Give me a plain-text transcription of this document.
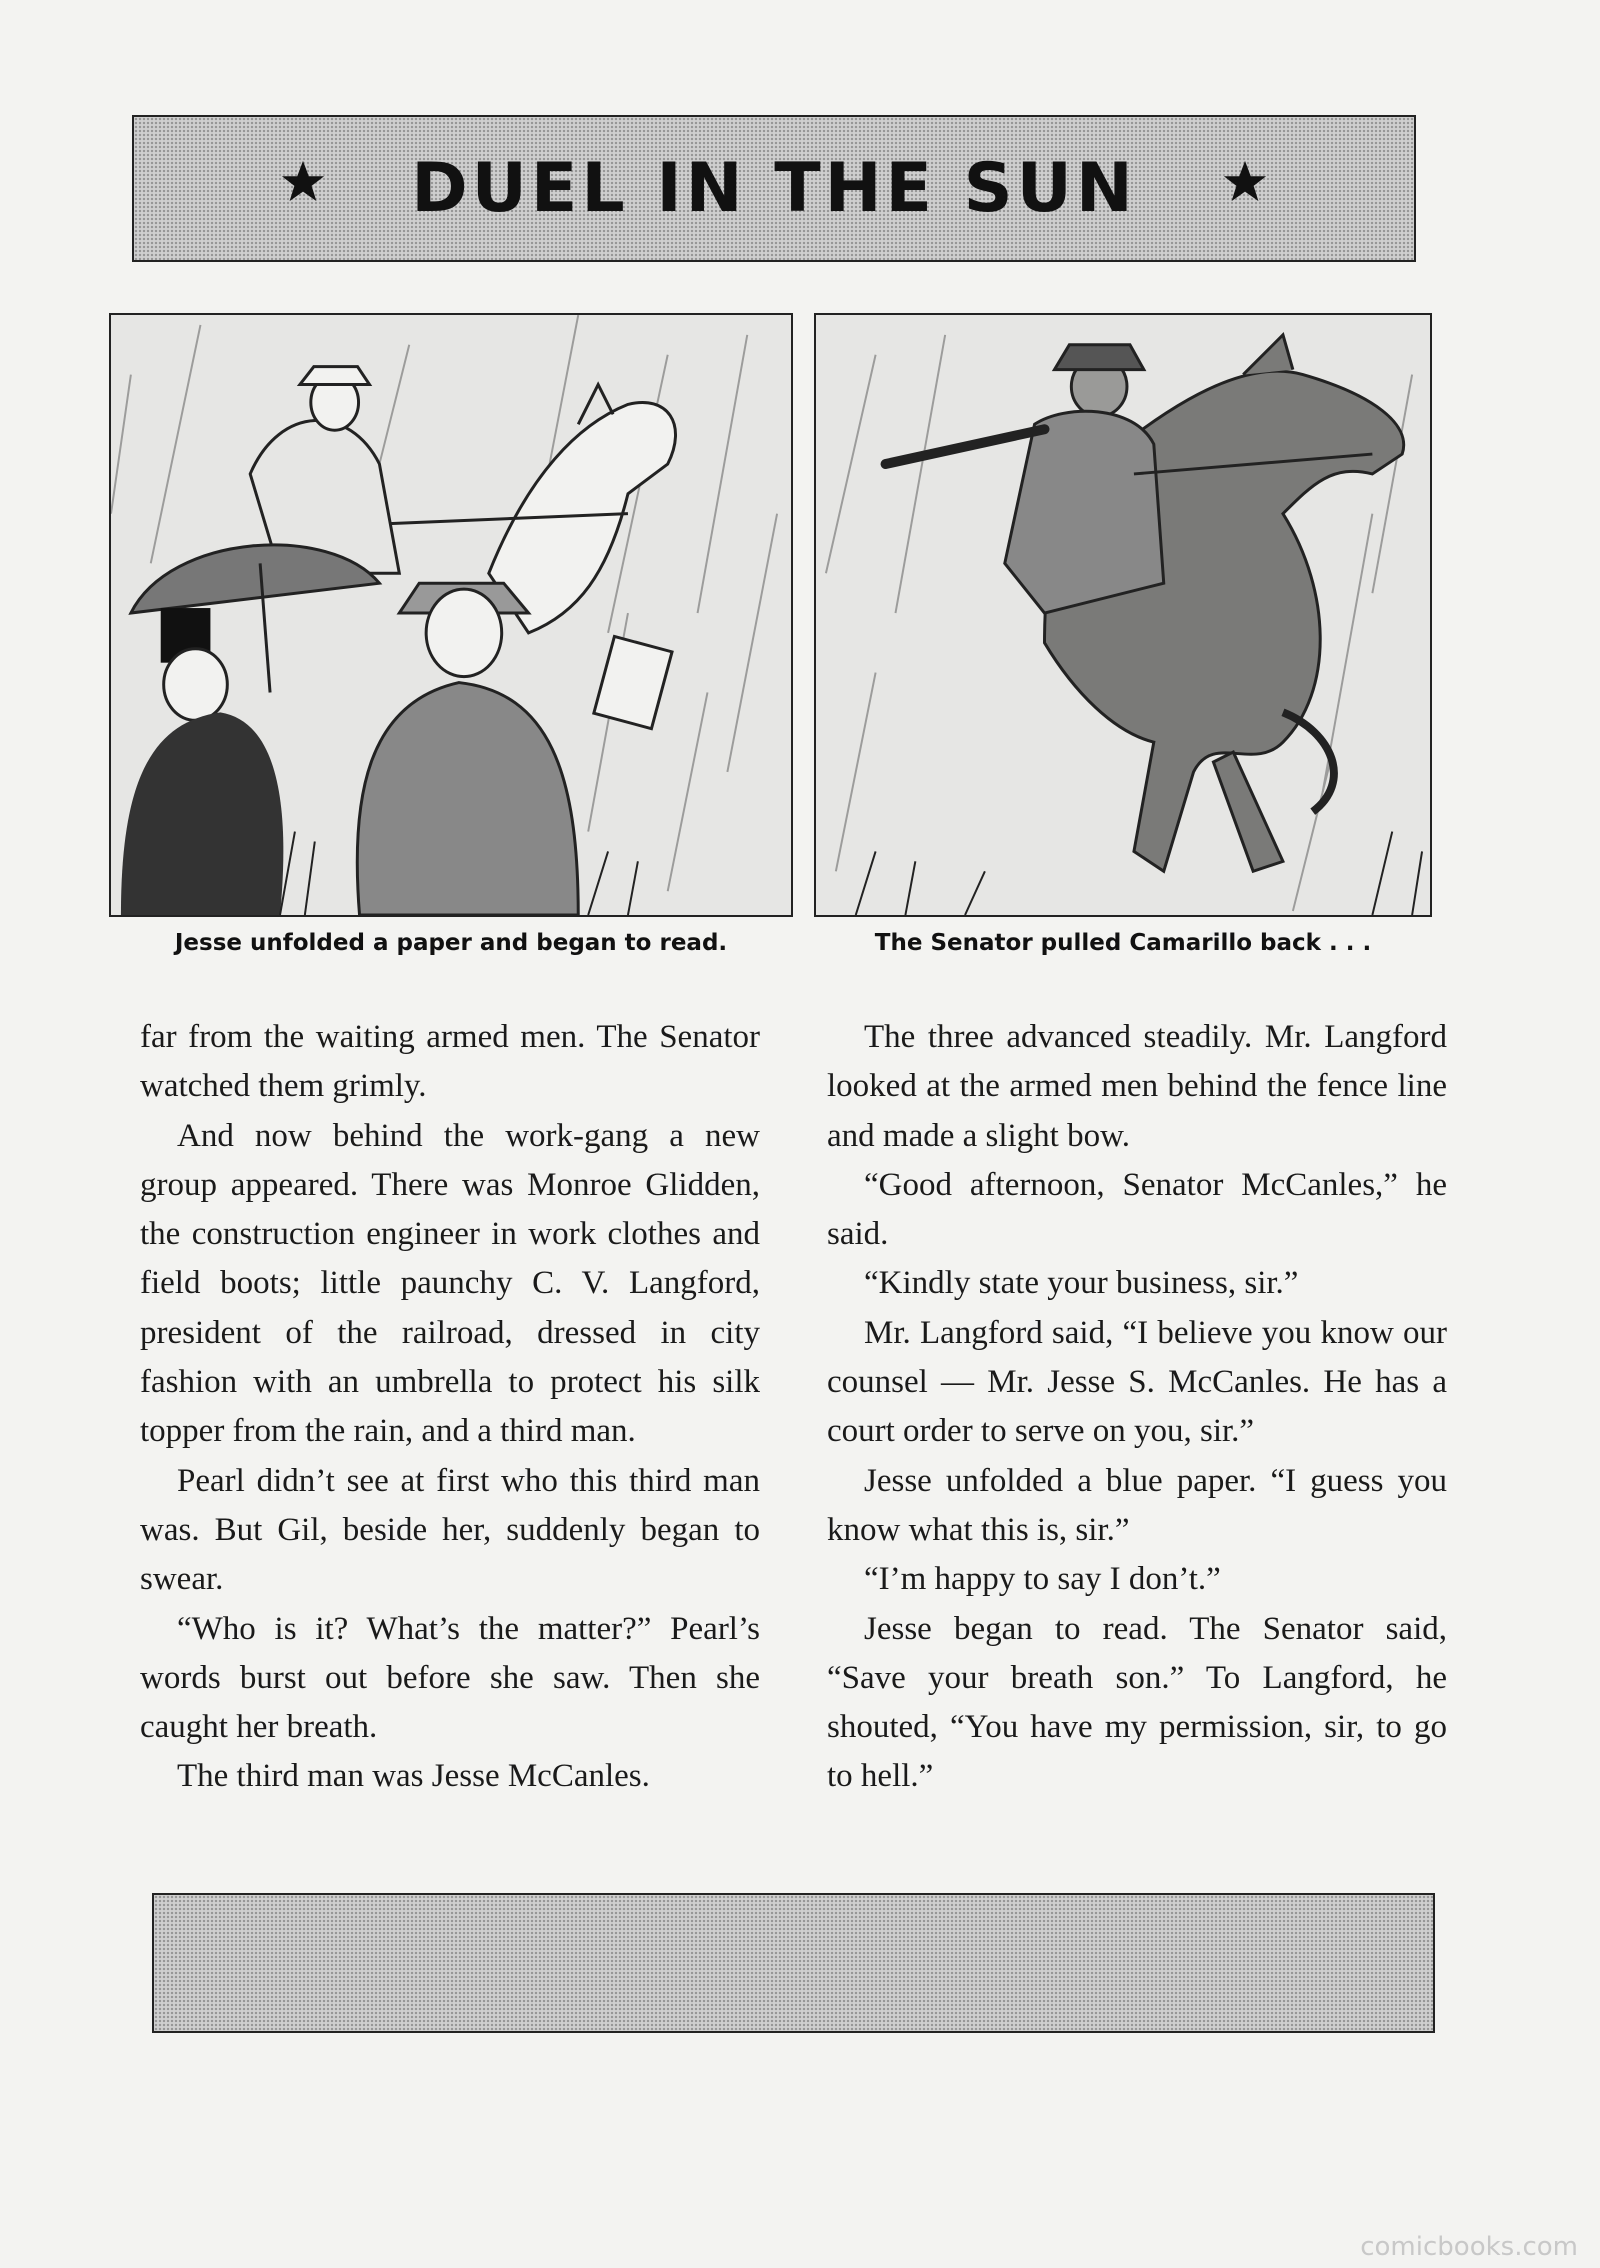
DUEL IN THE SUN
Jesse unfolded a paper and began to read.	The Senator pulled Camarillo back . . .

far from the waiting armed men. The Senator watched them grimly.

And now behind the work-gang a new group appeared. There was Monroe Glidden, the construction engineer in work clothes and field boots; little paunchy C. V. Langford, president of the railroad, dressed in city fashion with an umbrella to protect his silk topper from the rain, and a third man.

Pearl didn’t see at first who this third man was. But Gil, beside her, suddenly began to swear.

“Who is it? What’s the matter?” Pearl’s words burst out before she saw. Then she caught her breath.

The third man was Jesse McCanles.

The three advanced steadily. Mr. Langford looked at the armed men behind the fence line and made a slight bow.

“Good afternoon, Senator McCanles,” he said.

“Kindly state your business, sir.”

Mr. Langford said, “I believe you know our counsel — Mr. Jesse S. McCanles. He has a court order to serve on you, sir.”

Jesse unfolded a blue paper. “I guess you know what this is, sir.”

“I’m happy to say I don’t.”

Jesse began to read. The Senator said, “Save your breath son.” To Langford, he shouted, “You have my permission, sir, to go to hell.”

comicbooks.com
